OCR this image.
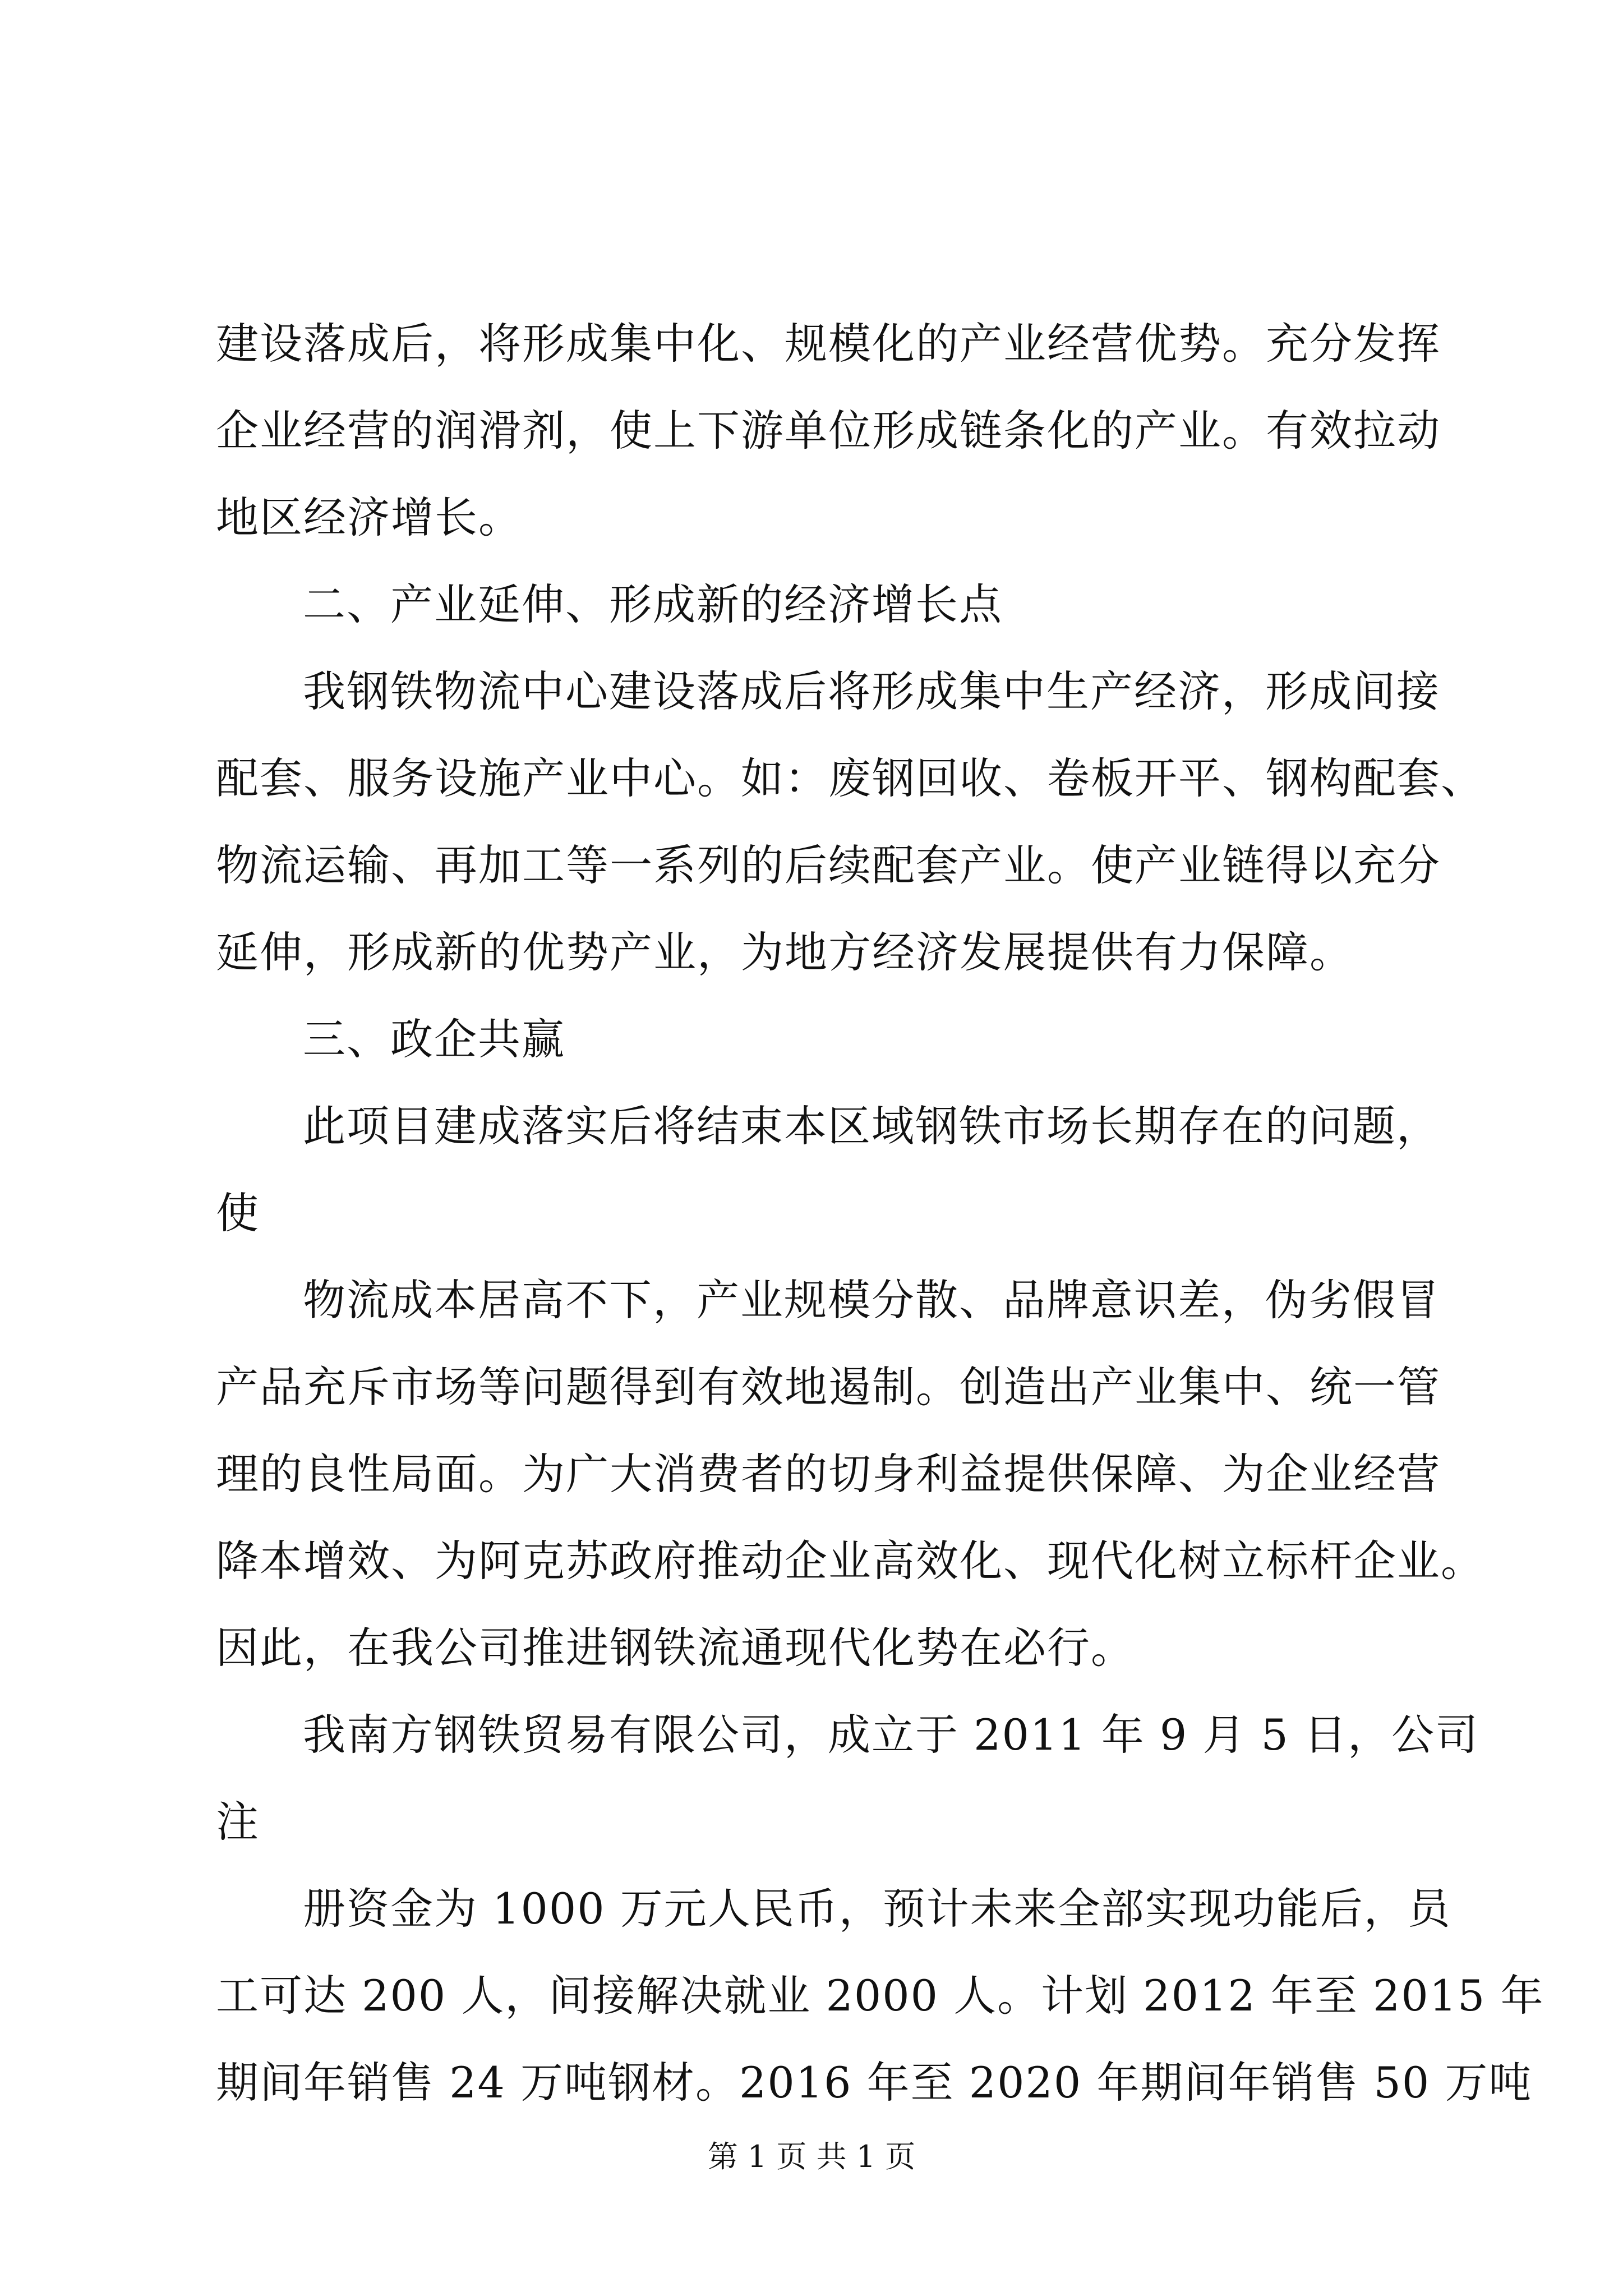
建设落成后，将形成集中化、规模化的产业经营优势。充分发挥
企业经营的润滑剂，使上下游单位形成链条化的产业。有效拉动
地区经济增长。
二、产业延伸、形成新的经济增长点
我钢铁物流中心建设落成后将形成集中生产经济，形成间接
配套、服务设施产业中心。如：废钢回收、卷板开平、钢构配套、
物流运输、再加工等一系列的后续配套产业。使产业链得以充分
延伸，形成新的优势产业，为地方经济发展提供有力保障。
三、政企共赢
此项目建成落实后将结束本区域钢铁市场长期存在的问题，
使
物流成本居高不下，产业规模分散、品牌意识差，伪劣假冒
产品充斥市场等问题得到有效地遏制。创造出产业集中、统一管
理的良性局面。为广大消费者的切身利益提供保障、为企业经营
降本增效、为阿克苏政府推动企业高效化、现代化树立标杆企业。
因此，在我公司推进钢铁流通现代化势在必行。
我南方钢铁贸易有限公司，成立于 2011 年 9 月 5 日，公司
注
册资金为 1000 万元人民币，预计未来全部实现功能后，员
工可达 200 人，间接解决就业 2000 人。计划 2012 年至 2015 年
期间年销售 24 万吨钢材。2016 年至 2020 年期间年销售 50 万吨
第 1 页 共 1 页
